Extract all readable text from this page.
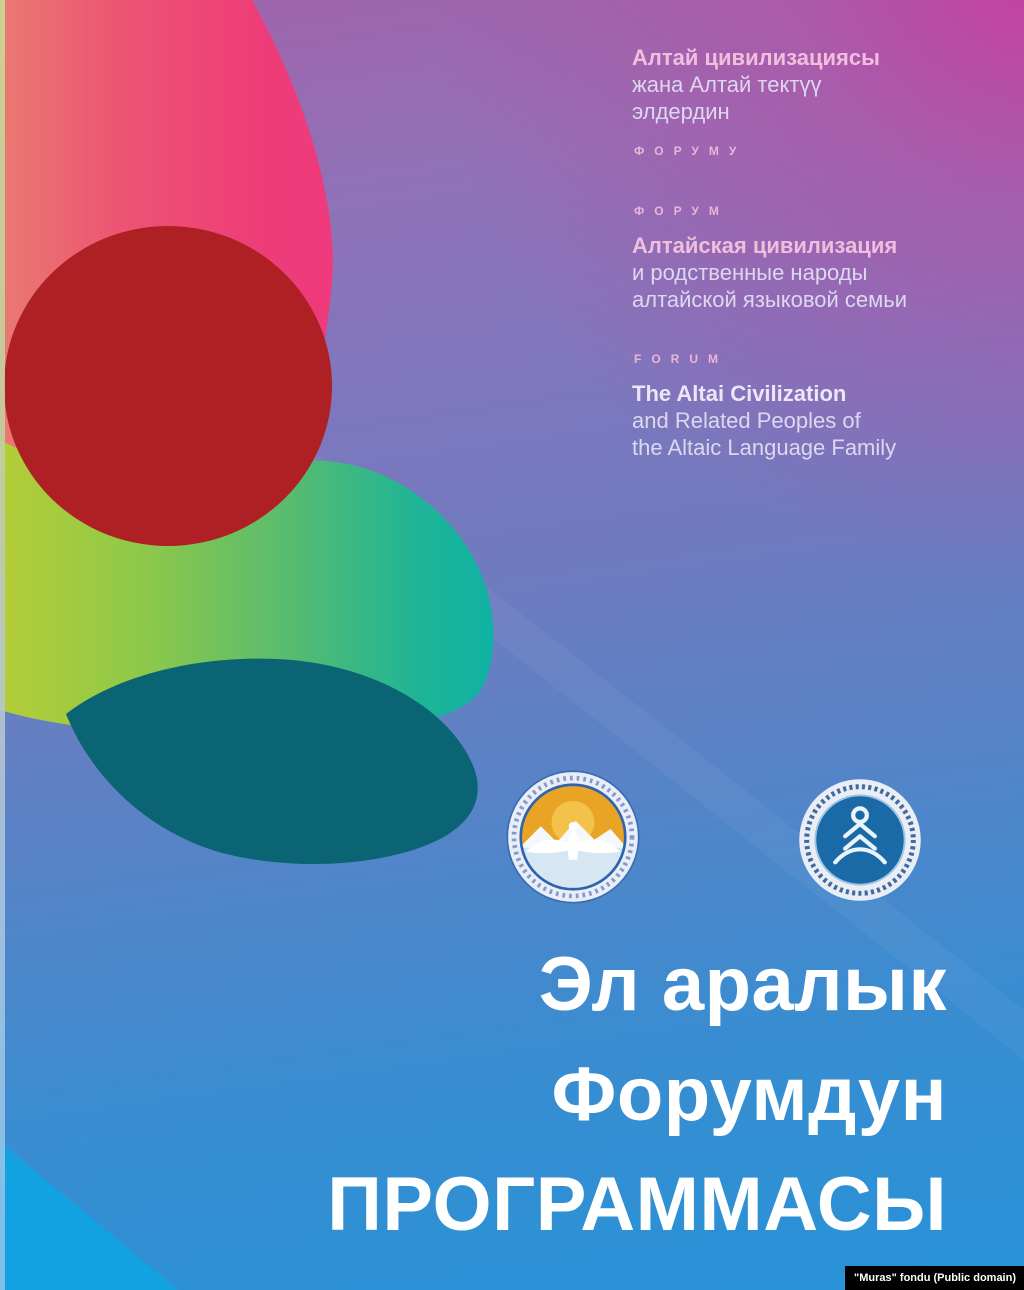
Алтай цивилизациясы
жана Алтай тектүү
элдердин
ФОРУМУ
ФОРУМ
Алтайская цивилизация
и родственные народы
алтайской языковой семьи
FORUM
The Altai Civilization
and Related Peoples of
the Altaic Language Family
Эл аралык
Форумдун
ПРОГРАММАСЫ
"Muras" fondu (Public domain)
